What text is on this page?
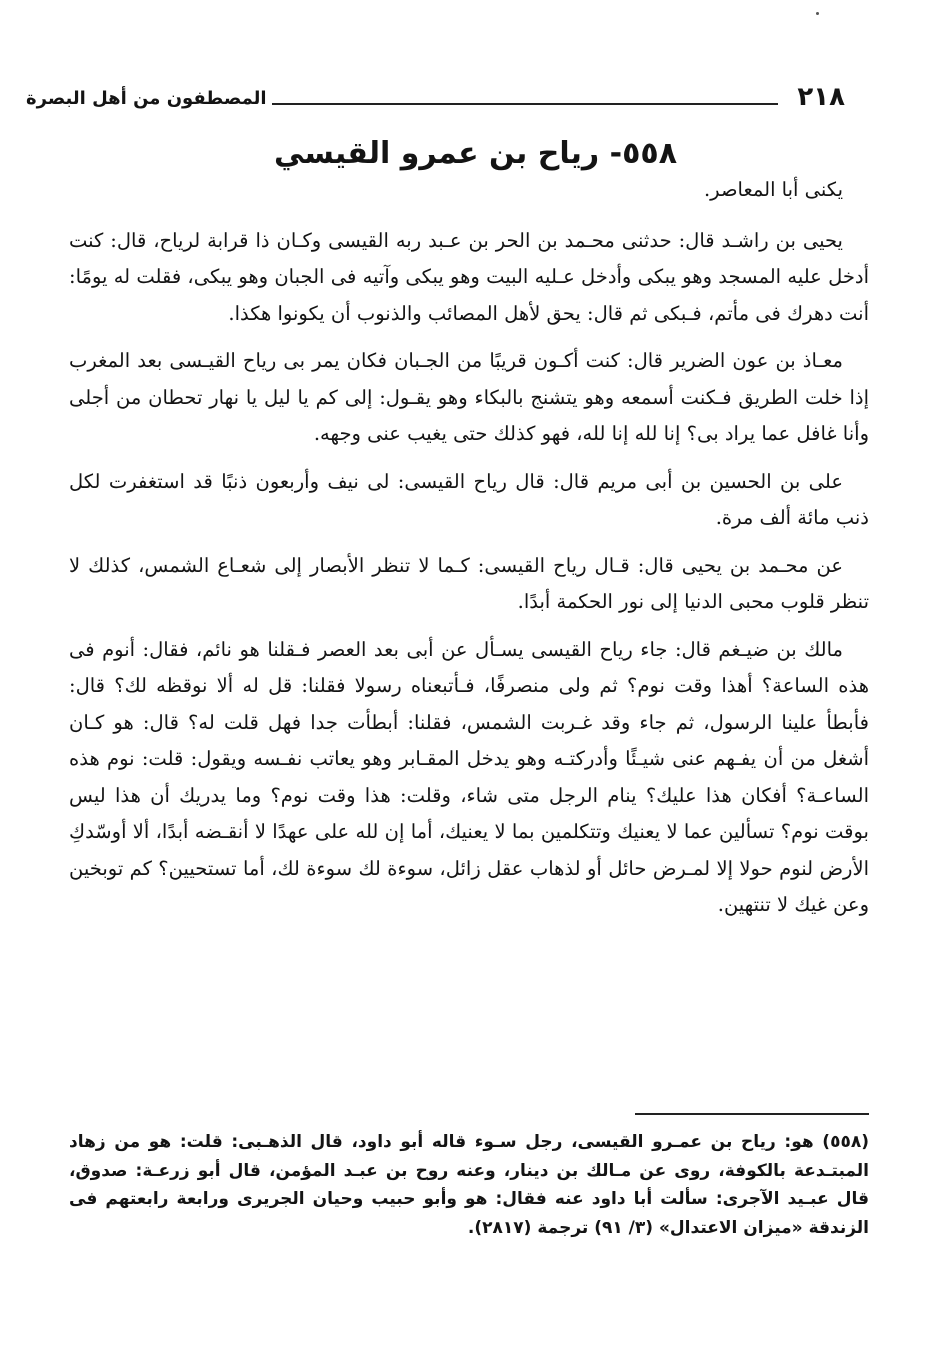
٢١٨
المصطفون من أهل البصرة
٥٥٨- رياح بن عمرو القيسي

يكنى أبا المعاصر.

يحيى بن راشـد قال: حدثنى محـمد بن الحر بن عـبد ربه القيسى وكـان ذا قرابة لرياح، قال: كنت أدخل عليه المسجد وهو يبكى وأدخل عـليه البيت وهو يبكى وآتيه فى الجبان وهو يبكى، فقلت له يومًا: أنت دهرك فى مأتم، فـبكى ثم قال: يحق لأهل المصائب والذنوب أن يكونوا هكذا.

معـاذ بن عون الضرير قال: كنت أكـون قريبًا من الجـبان فكان يمر بى رياح القيـسى بعد المغرب إذا خلت الطريق فـكنت أسمعه وهو يتشنج بالبكاء وهو يقـول: إلى كم يا ليل يا نهار تحطان من أجلى وأنا غافل عما يراد بى؟ إنا لله إنا لله، فهو كذلك حتى يغيب عنى وجهه.

على بن الحسين بن أبى مريم قال: قال رياح القيسى: لى نيف وأربعون ذنبًا قد استغفرت لكل ذنب مائة ألف مرة.

عن محـمد بن يحيى قال: قـال رياح القيسى: كـما لا تنظر الأبصار إلى شعـاع الشمس، كذلك لا تنظر قلوب محبى الدنيا إلى نور الحكمة أبدًا.

مالك بن ضيـغم قال: جاء رياح القيسى يسـأل عن أبى بعد العصر فـقلنا هو نائم، فقال: أنوم فى هذه الساعة؟ أهذا وقت نوم؟ ثم ولى منصرفًا، فـأتبعناه رسولا فقلنا: قل له ألا نوقظه لك؟ قال: فأبطأ علينا الرسول، ثم جاء وقد غـربت الشمس، فقلنا: أبطأت جدا فهل قلت له؟ قال: هو كـان أشغل من أن يفـهم عنى شيـئًا وأدركتـه وهو يدخل المقـابر وهو يعاتب نفـسه ويقول: قلت: نوم هذه الساعـة؟ أفكان هذا عليك؟ ينام الرجل متى شاء، وقلت: هذا وقت نوم؟ وما يدريك أن هذا ليس بوقت نوم؟ تسألين عما لا يعنيك وتتكلمين بما لا يعنيك، أما إن لله على عهدًا لا أنقـضه أبدًا، ألا أوسّدكِ الأرض لنوم حولا إلا لمـرض حائل أو لذهاب عقل زائل، سوءة لك سوءة لك، أما تستحيين؟ كم توبخين وعن غيك لا تنتهين.

(٥٥٨) هو: رياح بن عمـرو القيسى، رجل سـوء قاله أبو داود، قال الذهـبى: قلت: هو من زهاد المبتـدعة بالكوفة، روى عن مـالك بن دينار، وعنه روح بن عبـد المؤمن، قال أبو زرعـة: صدوق، قال عبـيد الآجرى: سألت أبا داود عنه فقال: هو وأبو حبيب وحيان الجريرى ورابعة رابعتهم فى الزندقة «ميزان الاعتدال» (٣/ ٩١) ترجمة (٢٨١٧).
